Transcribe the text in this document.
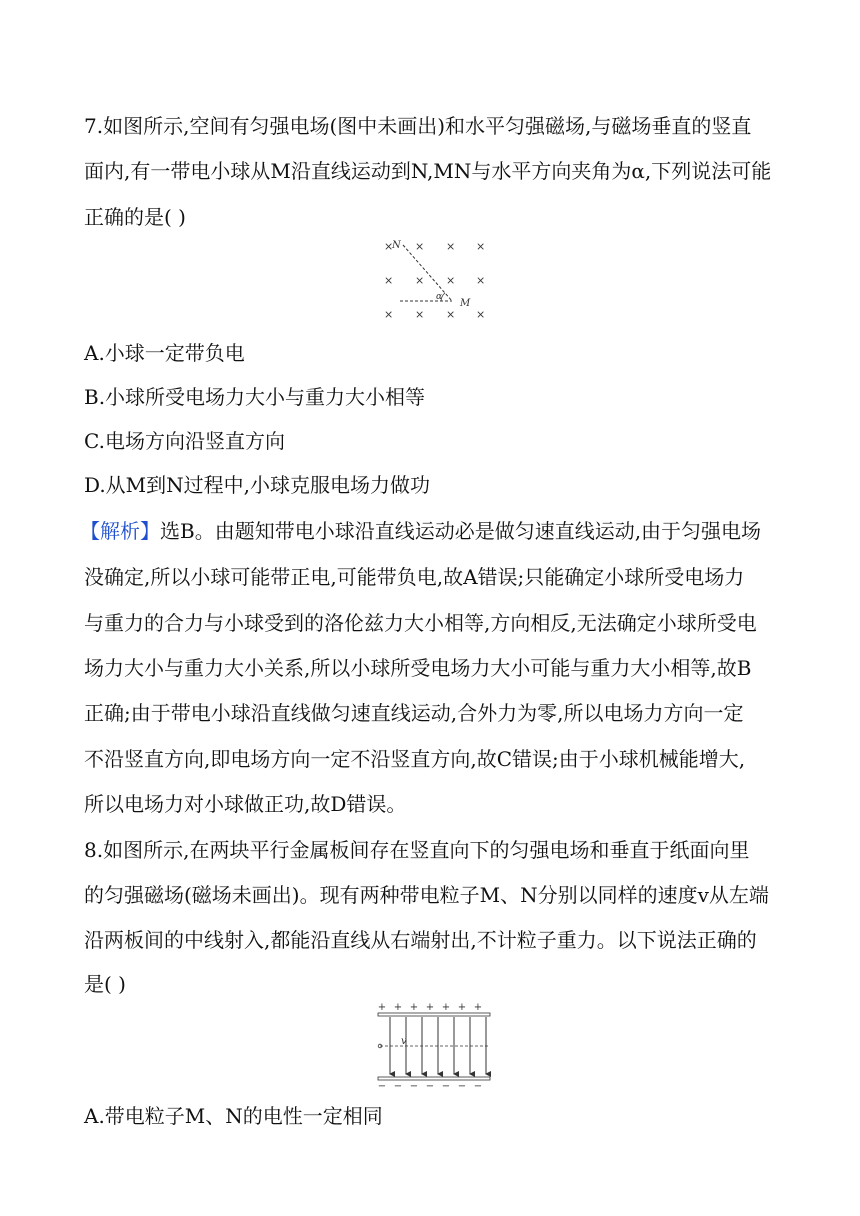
7.如图所示,空间有匀强电场(图中未画出)和水平匀强磁场,与磁场垂直的竖直
面内,有一带电小球从M沿直线运动到N,MN与水平方向夹角为α,下列说法可能
正确的是( )
× × × ×
× × × ×
× × × ×
α
N
M
A.小球一定带负电
B.小球所受电场力大小与重力大小相等
C.电场方向沿竖直方向
D.从M到N过程中,小球克服电场力做功
【解析】选B。由题知带电小球沿直线运动必是做匀速直线运动,由于匀强电场
没确定,所以小球可能带正电,可能带负电,故A错误;只能确定小球所受电场力
与重力的合力与小球受到的洛伦兹力大小相等,方向相反,无法确定小球所受电
场力大小与重力大小关系,所以小球所受电场力大小可能与重力大小相等,故B
正确;由于带电小球沿直线做匀速直线运动,合外力为零,所以电场力方向一定
不沿竖直方向,即电场方向一定不沿竖直方向,故C错误;由于小球机械能增大,
所以电场力对小球做正功,故D错误。
8.如图所示,在两块平行金属板间存在竖直向下的匀强电场和垂直于纸面向里
的匀强磁场(磁场未画出)。现有两种带电粒子M、N分别以同样的速度v从左端
沿两板间的中线射入,都能沿直线从右端射出,不计粒子重力。以下说法正确的
是( )
+ + + + + + +
v
− − − − − − −
A.带电粒子M、N的电性一定相同
